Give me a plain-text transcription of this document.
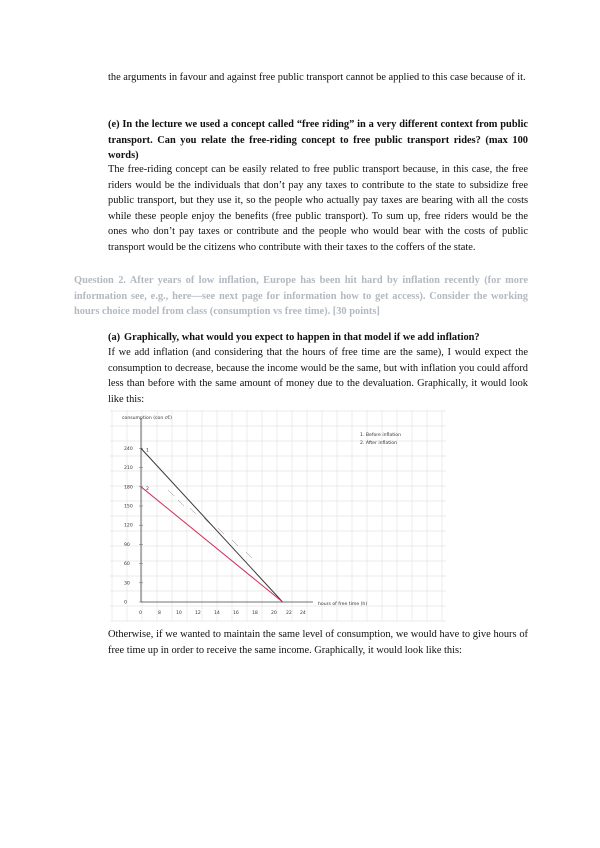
the arguments in favour and against free public transport cannot be applied to this case because of it.
(e) In the lecture we used a concept called “free riding” in a very different context from public transport. Can you relate the free-riding concept to free public transport rides? (max 100 words)
The free-riding concept can be easily related to free public transport because, in this case, the free riders would be the individuals that don’t pay any taxes to contribute to the state to subsidize free public transport, but they use it, so the people who actually pay taxes are bearing with all the costs while these people enjoy the benefits (free public transport). To sum up, free riders would be the ones who don’t pay taxes or contribute and the people who would bear with the costs of public transport would be the citizens who contribute with their taxes to the coffers of the state.
Question 2. After years of low inflation, Europe has been hit hard by inflation recently (for more information see, e.g., here—see next page for information how to get access). Consider the working hours choice model from class (consumption vs free time). [30 points]
(a) Graphically, what would you expect to happen in that model if we add inflation?
If we add inflation (and considering that the hours of free time are the same), I would expect the consumption to decrease, because the income would be the same, but with inflation you could afford less than before with the same amount of money due to the devaluation. Graphically, it would look like this:
consumption (con c€)
hours of free time (h)
0
30
60
90
120
150
180
210
240
0	8	10	12	14	16	18	20 22 24
1
2
1. Before inflation
2. After inflation
Otherwise, if we wanted to maintain the same level of consumption, we would have to give hours of free time up in order to receive the same income. Graphically, it would look like this:
